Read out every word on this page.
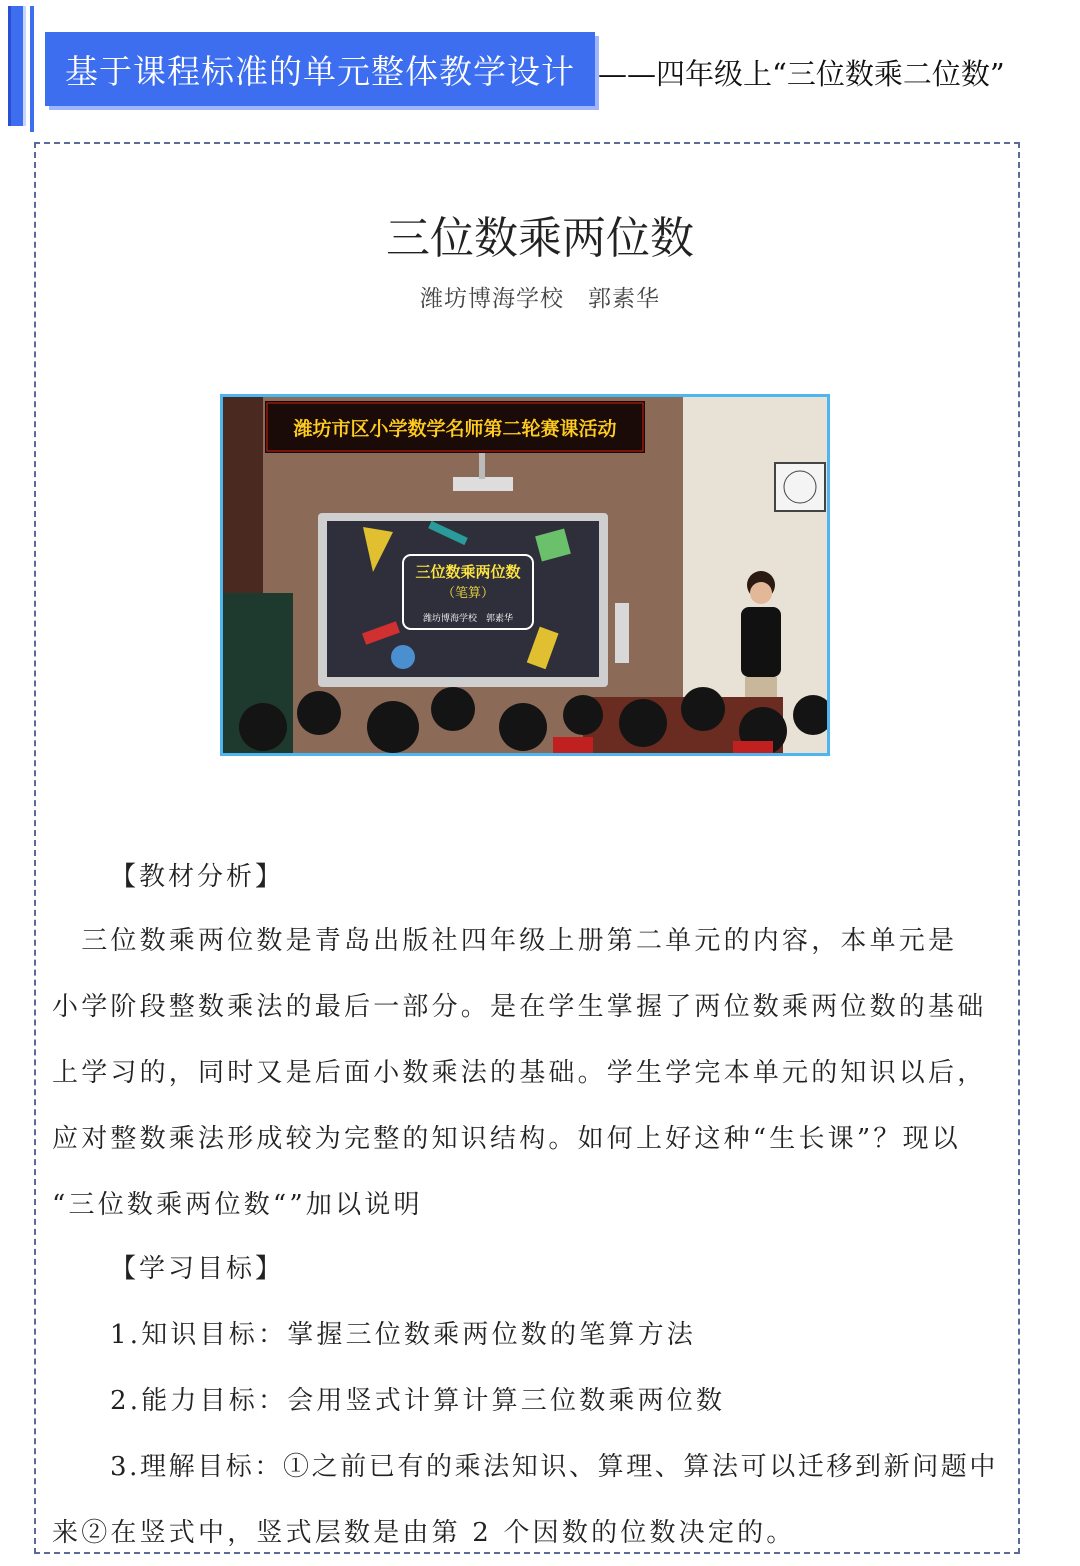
基于课程标准的单元整体教学设计 ——四年级上“三位数乘二位数”
三位数乘两位数
潍坊博海学校　郭素华
潍坊市区小学数学名师第二轮赛课活动
三位数乘两位数
（笔算）
潍坊博海学校　郭素华
【教材分析】
　三位数乘两位数是青岛出版社四年级上册第二单元的内容，本单元是
小学阶段整数乘法的最后一部分。是在学生掌握了两位数乘两位数的基础
上学习的，同时又是后面小数乘法的基础。学生学完本单元的知识以后，
应对整数乘法形成较为完整的知识结构。如何上好这种“生长课”？现以
“三位数乘两位数“”加以说明
【学习目标】
1.知识目标：掌握三位数乘两位数的笔算方法
2.能力目标：会用竖式计算计算三位数乘两位数
3.理解目标：①之前已有的乘法知识、算理、算法可以迁移到新问题中
来②在竖式中，竖式层数是由第 2 个因数的位数决定的。
